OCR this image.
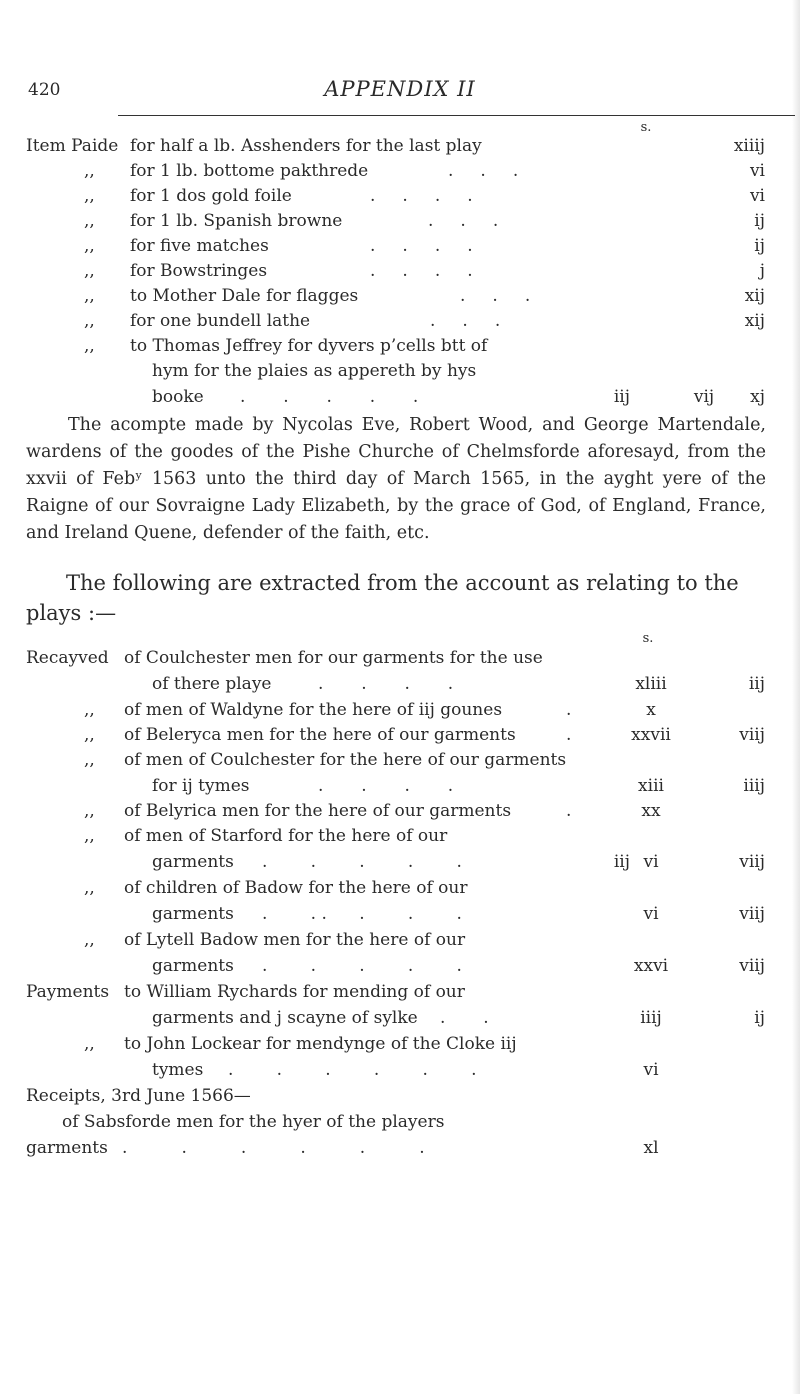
420	APPENDIX II
s.
Item Paide for half a lb. Asshenders for the last play	xiiij
,, for 1 lb. bottome pakthrede	vi
,, for 1 dos gold foile	vi
,, for 1 lb. Spanish browne	ij
,, for five matches	ij
,, for Bowstringes	j
,, to Mother Dale for flagges	xij
,, for one bundell lathe	xij
,, to Thomas Jeffrey for dyvers p’cells btt of
hym for the plaies as appereth by hys
booke	iij	vij	xj
The acompte made by Nycolas Eve, Robert Wood, and George Martendale, wardens of the goodes of the Pishe Churche of Chelmsforde aforesayd, from the xxvii of Febʸ 1563 unto the third day of March 1565, in the ayght yere of the Raigne of our Sovraigne Lady Elizabeth, by the grace of God, of England, France, and Ireland Quene, defender of the faith, etc.
The following are extracted from the account as relating to the plays :—
s.
Recayved of Coulchester men for our garments for the use
of there playe	xliii	iij
,, of men of Waldyne for the here of iij gounes	x
,, of Beleryca men for the here of our garments	xxvii	viij
,, of men of Coulchester for the here of our garments
for ij tymes	xiii	iiij
,, of Belyrica men for the here of our garments	xx
,, of men of Starford for the here of our
garments	iij vi	viij
,, of children of Badow for the here of our
garments	vi	viij
,, of Lytell Badow men for the here of our
garments	xxvi	viij
Payments to William Rychards for mending of our
garments and j scayne of sylke	iiij	ij
,, to John Lockear for mendynge of the Cloke iij
tymes	vi
Receipts, 3rd June 1566—
of Sabsforde men for the hyer of the players
garments	xl
.     .     .
.     .     .     .
.     .     .
.     .     .     .
.     .     .     .
.     .     .
.     .     .
.       .       .       .       .
.       .       .       .
.
.
.       .       .       .
.
.        .        .        .        .
.        . .      .        .        .
.        .        .        .        .
.       .
.        .        .        .        .        .
.          .          .          .          .          .
